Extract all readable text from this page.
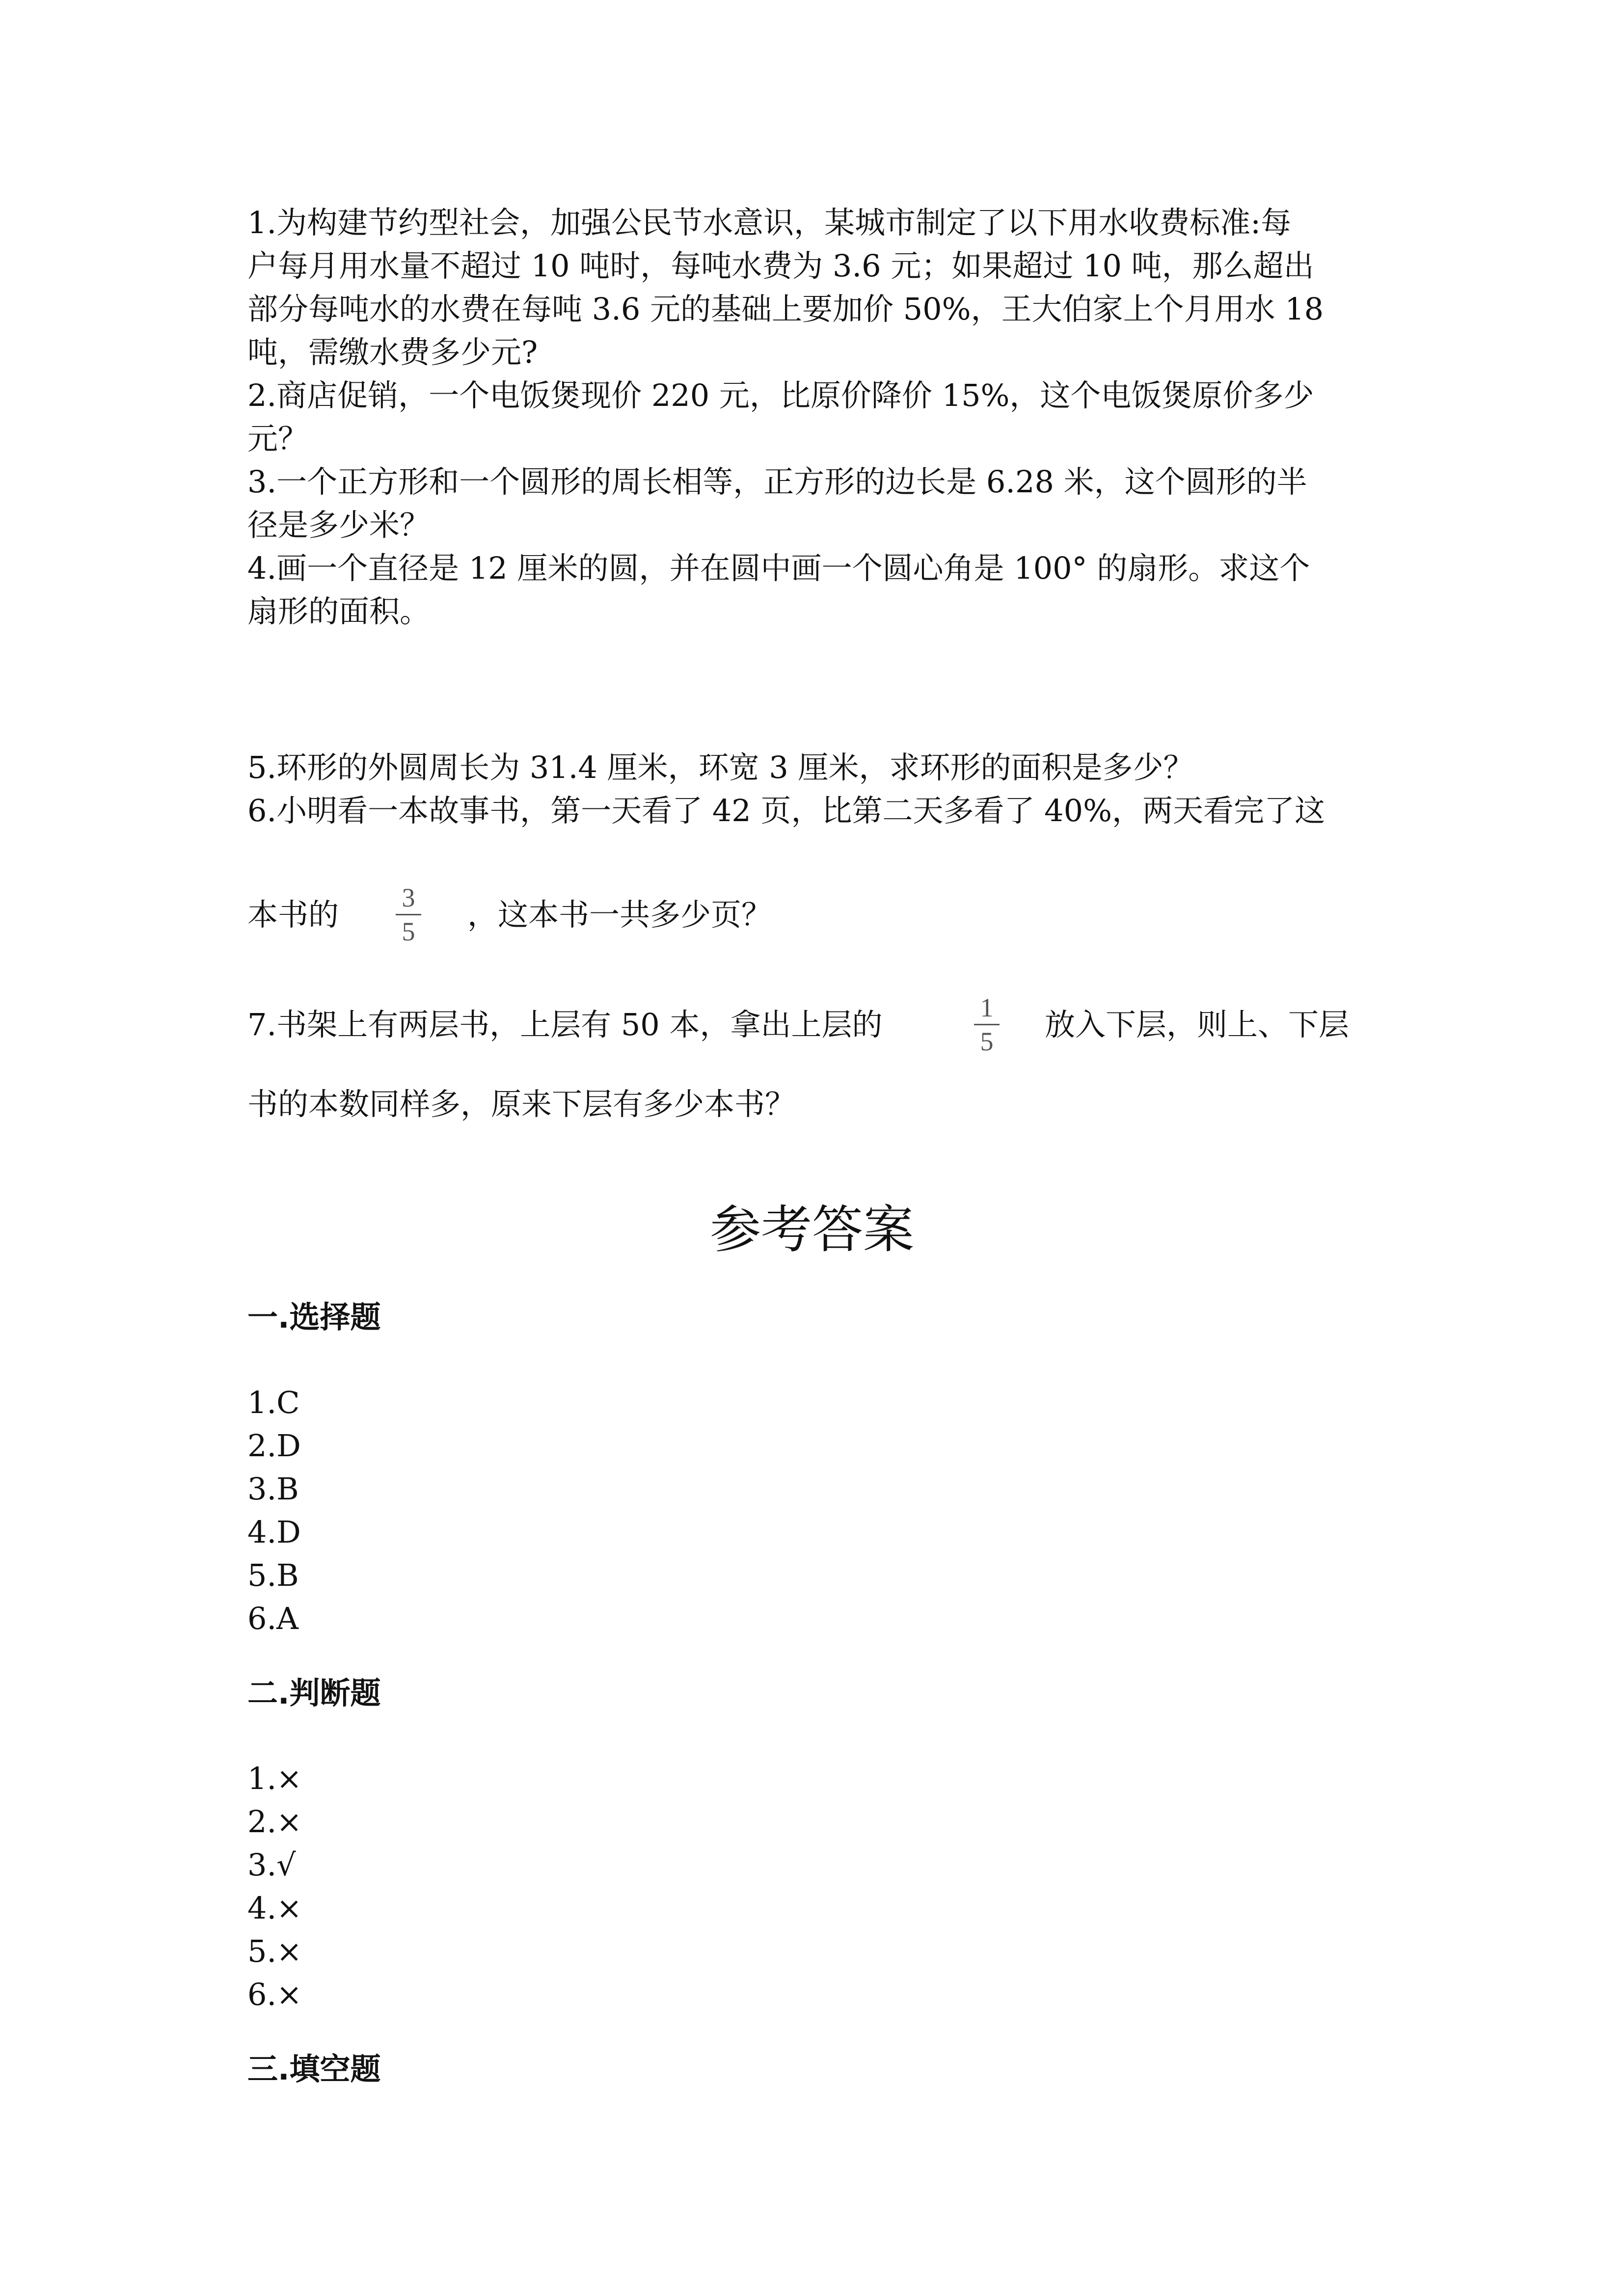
1.为构建节约型社会，加强公民节水意识，某城市制定了以下用水收费标准:每
户每月用水量不超过 10 吨时，每吨水费为 3.6 元；如果超过 10 吨，那么超出
部分每吨水的水费在每吨 3.6 元的基础上要加价 50%，王大伯家上个月用水 18
吨，需缴水费多少元?
2.商店促销，一个电饭煲现价 220 元，比原价降价 15%，这个电饭煲原价多少
元？
3.一个正方形和一个圆形的周长相等，正方形的边长是 6.28 米，这个圆形的半
径是多少米？
4.画一个直径是 12 厘米的圆，并在圆中画一个圆心角是 100° 的扇形。求这个
扇形的面积。
5.环形的外圆周长为 31.4 厘米，环宽 3 厘米，求环形的面积是多少？
6.小明看一本故事书，第一天看了 42 页，比第二天多看了 40%，两天看完了这
本书的	3
5	，这本书一共多少页？
7.书架上有两层书，上层有 50 本，拿出上层的	1
5	放入下层，则上、下层
书的本数同样多，原来下层有多少本书？
参考答案
一.选择题
1.C
2.D
3.B
4.D
5.B
6.A
二.判断题
1.×
2.×
3.√
4.×
5.×
6.×
三.填空题
